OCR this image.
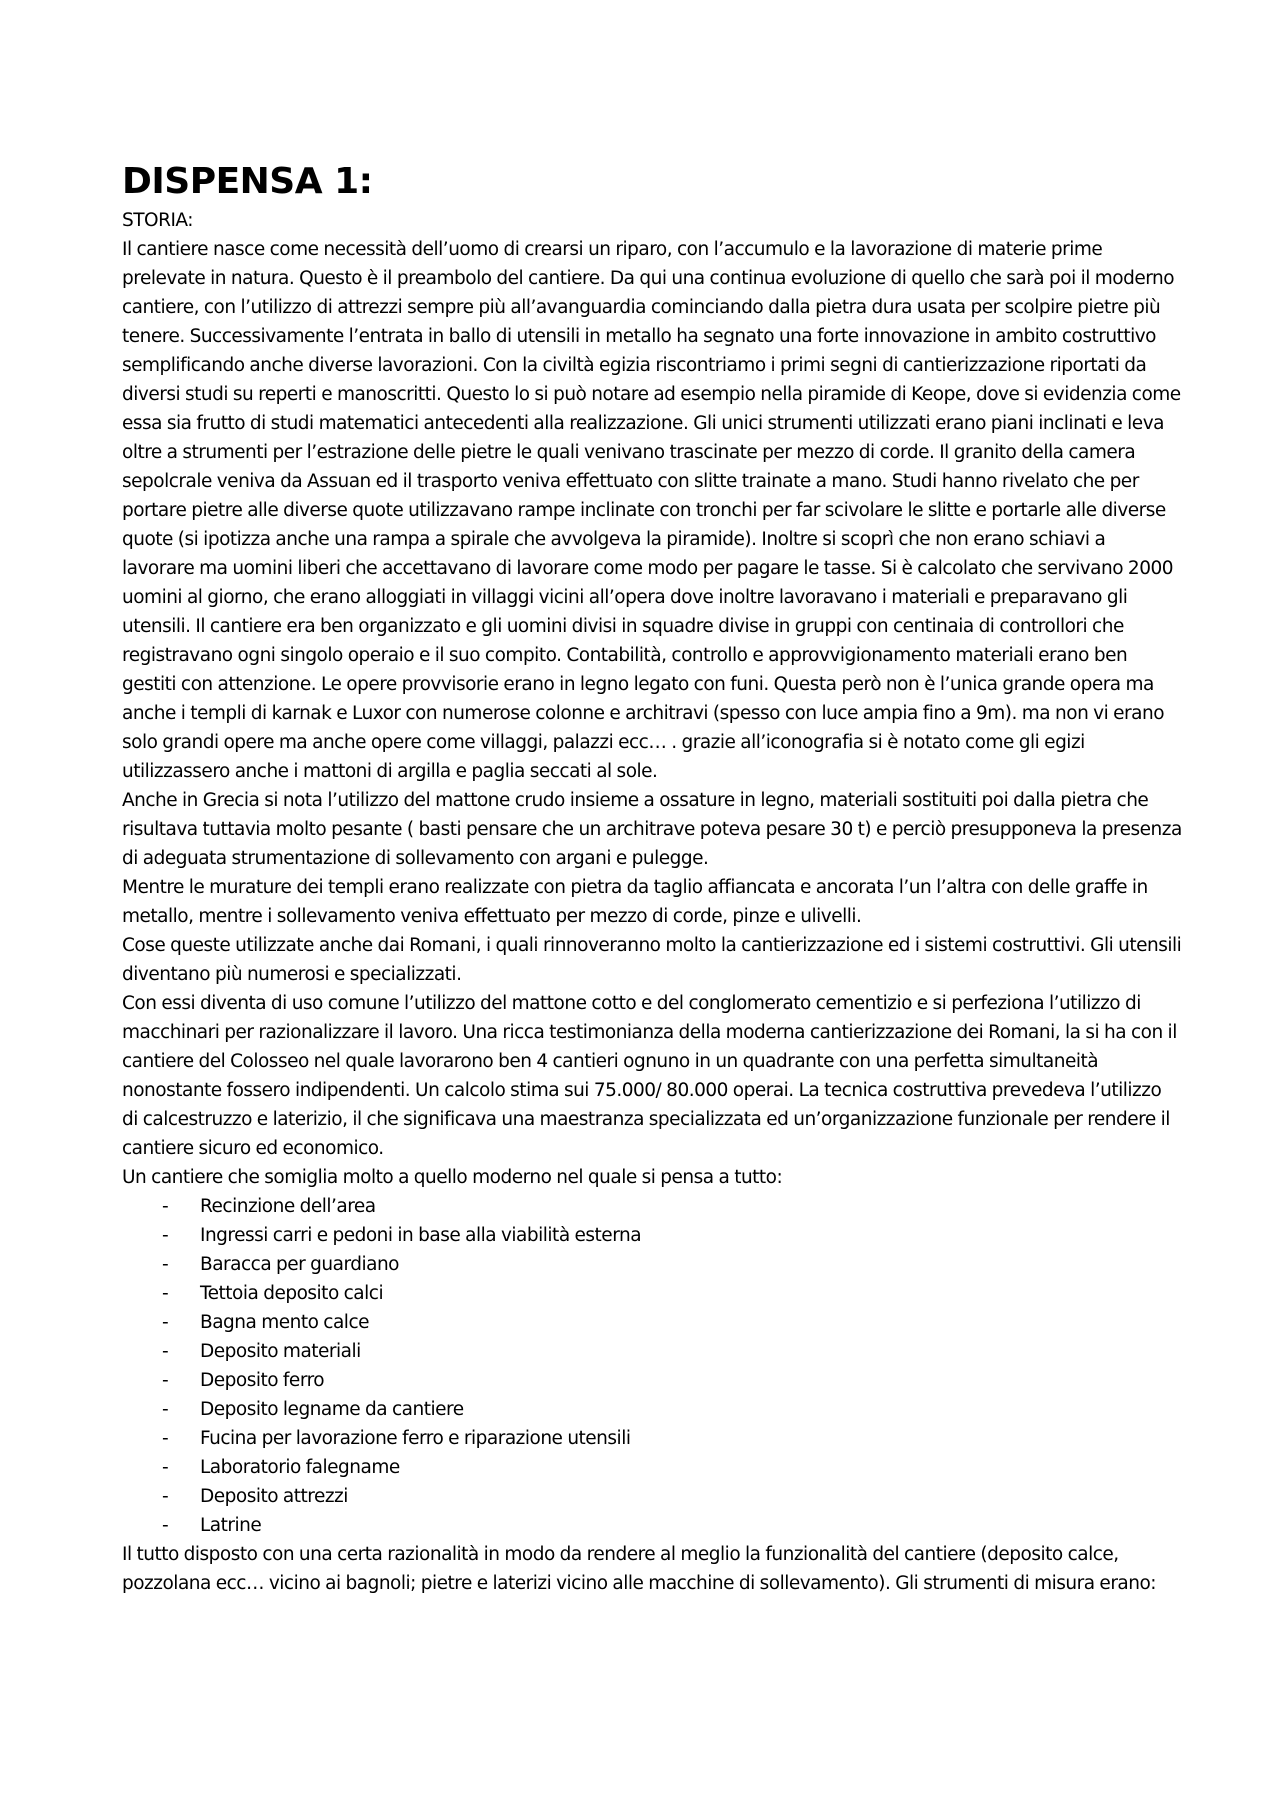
DISPENSA 1:

STORIA:

Il cantiere nasce come necessità dell’uomo di crearsi un riparo, con l’accumulo e la lavorazione di materie prime prelevate in natura. Questo è il preambolo del cantiere. Da qui una continua evoluzione di quello che sarà poi il moderno cantiere, con l’utilizzo di attrezzi sempre più all’avanguardia cominciando dalla pietra dura usata per scolpire pietre più tenere. Successivamente l’entrata in ballo di utensili in metallo ha segnato una forte innovazione in ambito costruttivo semplificando anche diverse lavorazioni. Con la civiltà egizia riscontriamo i primi segni di cantierizzazione riportati da diversi studi su reperti e manoscritti. Questo lo si può notare ad esempio nella piramide di Keope, dove si evidenzia come essa sia frutto di studi matematici antecedenti alla realizzazione. Gli unici strumenti utilizzati erano piani inclinati e leva oltre a strumenti per l’estrazione delle pietre le quali venivano trascinate per mezzo di corde. Il granito della camera sepolcrale veniva da Assuan ed il trasporto veniva effettuato con slitte trainate a mano. Studi hanno rivelato che per portare pietre alle diverse quote utilizzavano rampe inclinate con tronchi per far scivolare le slitte e portarle alle diverse quote (si ipotizza anche una rampa a spirale che avvolgeva la piramide). Inoltre si scoprì che non erano schiavi a lavorare ma uomini liberi che accettavano di lavorare come modo per pagare le tasse. Si è calcolato che servivano 2000 uomini al giorno, che erano alloggiati in villaggi vicini all’opera dove inoltre lavoravano i materiali e preparavano gli utensili. Il cantiere era ben organizzato e gli uomini divisi in squadre divise in gruppi con centinaia di controllori che registravano ogni singolo operaio e il suo compito. Contabilità, controllo e approvvigionamento materiali erano ben gestiti con attenzione. Le opere provvisorie erano in legno legato con funi. Questa però non è l’unica grande opera ma anche i templi di karnak e Luxor con numerose colonne e architravi (spesso con luce ampia fino a 9m). ma non vi erano solo grandi opere ma anche opere come villaggi, palazzi ecc… . grazie all’iconografia si è notato come gli egizi utilizzassero anche i mattoni di argilla e paglia seccati al sole.

Anche in Grecia si nota l’utilizzo del mattone crudo insieme a ossature in legno, materiali sostituiti poi dalla pietra che risultava tuttavia molto pesante ( basti pensare che un architrave poteva pesare 30 t) e perciò presupponeva la presenza di adeguata strumentazione di sollevamento con argani e pulegge.

Mentre le murature dei templi erano realizzate con pietra da taglio affiancata e ancorata l’un l’altra con delle graffe in metallo, mentre i sollevamento veniva effettuato per mezzo di corde, pinze e ulivelli.

Cose queste utilizzate anche dai Romani, i quali rinnoveranno molto la cantierizzazione ed i sistemi costruttivi. Gli utensili diventano più numerosi e specializzati.

Con essi diventa di uso comune l’utilizzo del mattone cotto e del conglomerato cementizio e si perfeziona l’utilizzo di macchinari per razionalizzare il lavoro. Una ricca testimonianza della moderna cantierizzazione dei Romani, la si ha con il cantiere del Colosseo nel quale lavorarono ben 4 cantieri ognuno in un quadrante con una perfetta simultaneità nonostante fossero indipendenti. Un calcolo stima sui 75.000/ 80.000 operai. La tecnica costruttiva prevedeva l’utilizzo di calcestruzzo e laterizio, il che significava una maestranza specializzata ed un’organizzazione funzionale per rendere il cantiere sicuro ed economico.

Un cantiere che somiglia molto a quello moderno nel quale si pensa a tutto:

- Recinzione dell’area
- Ingressi carri e pedoni in base alla viabilità esterna
- Baracca per guardiano
- Tettoia deposito calci
- Bagna mento calce
- Deposito materiali
- Deposito ferro
- Deposito legname da cantiere
- Fucina per lavorazione ferro e riparazione utensili
- Laboratorio falegname
- Deposito attrezzi
- Latrine

Il tutto disposto con una certa razionalità in modo da rendere al meglio la funzionalità del cantiere (deposito calce, pozzolana ecc… vicino ai bagnoli; pietre e laterizi vicino alle macchine di sollevamento). Gli strumenti di misura erano:
